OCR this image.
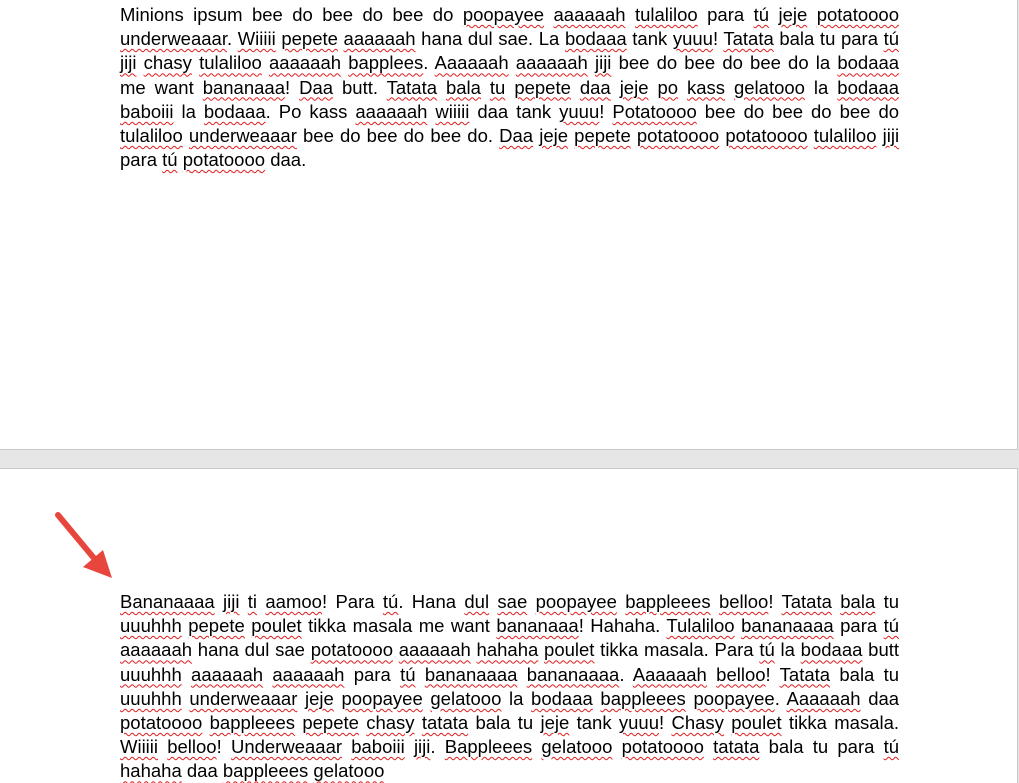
Minions ipsum bee do bee do bee do poopayee aaaaaah tulaliloo para tú jeje potatoooo underweaaar. Wiiiii pepete aaaaaah hana dul sae. La bodaaa tank yuuu! Tatata bala tu para tú jiji chasy tulaliloo aaaaaah bapplees. Aaaaaah aaaaaah jiji bee do bee do bee do la bodaaa me want bananaaa! Daa butt. Tatata bala tu pepete daa jeje po kass gelatooo la bodaaa baboiii la bodaaa. Po kass aaaaaah wiiiii daa tank yuuu! Potatoooo bee do bee do bee do tulaliloo underweaaar bee do bee do bee do. Daa jeje pepete potatoooo potatoooo tulaliloo jiji para tú potatoooo daa.

Bananaaaa jiji ti aamoo! Para tú. Hana dul sae poopayee bappleees belloo! Tatata bala tu uuuhhh pepete poulet tikka masala me want bananaaa! Hahaha. Tulaliloo bananaaaa para tú aaaaaah hana dul sae potatoooo aaaaaah hahaha poulet tikka masala. Para tú la bodaaa butt uuuhhh aaaaaah aaaaaah para tú bananaaaa bananaaaa. Aaaaaah belloo! Tatata bala tu uuuhhh underweaaar jeje poopayee gelatooo la bodaaa bappleees poopayee. Aaaaaah daa potatoooo bappleees pepete chasy tatata bala tu jeje tank yuuu! Chasy poulet tikka masala. Wiiiii belloo! Underweaaar baboiii jiji. Bappleees gelatooo potatoooo tatata bala tu para tú hahaha daa bappleees gelatooo
